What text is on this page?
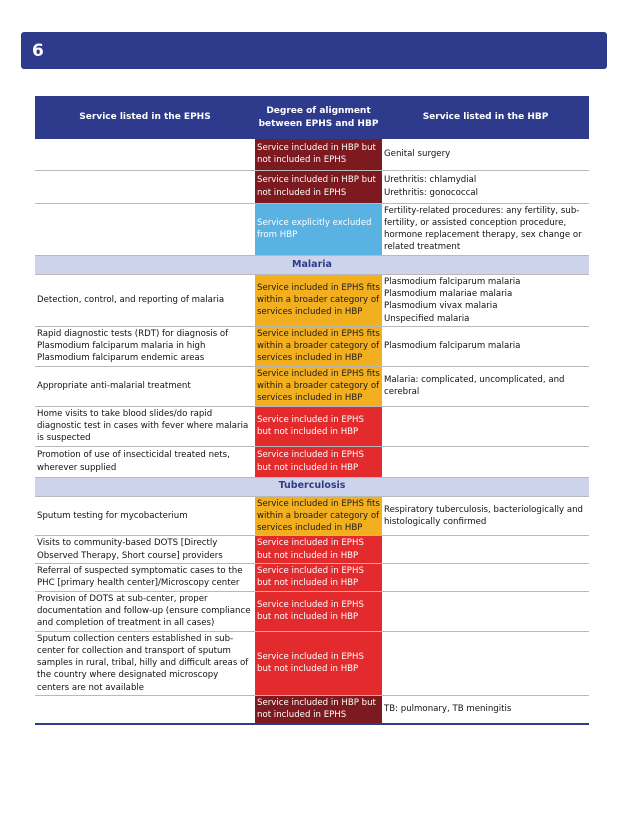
6
Service listed in the EPHS	Degree of alignment between EPHS and HBP	Service listed in the HBP
	Service included in HBP but not included in EPHS	Genital surgery
	Service included in HBP but not included in EPHS	Urethritis: chlamydial
Urethritis: gonococcal
	Service explicitly excluded from HBP	Fertility-related procedures: any fertility, sub-fertility, or assisted conception procedure, hormone replacement therapy, sex change or related treatment
Malaria		
Detection, control, and reporting of malaria	Service included in EPHS fits within a broader category of services included in HBP	Plasmodium falciparum malaria
Plasmodium malariae malaria
Plasmodium vivax malaria
Unspecified malaria
Rapid diagnostic tests (RDT) for diagnosis of Plasmodium falciparum malaria in high Plasmodium falciparum endemic areas	Service included in EPHS fits within a broader category of services included in HBP	Plasmodium falciparum malaria
Appropriate anti-malarial treatment	Service included in EPHS fits within a broader category of services included in HBP	Malaria: complicated, uncomplicated, and cerebral
Home visits to take blood slides/do rapid diagnostic test in cases with fever where malaria is suspected	Service included in EPHS but not included in HBP	
Promotion of use of insecticidal treated nets, wherever supplied	Service included in EPHS but not included in HBP	
Tuberculosis		
Sputum testing for mycobacterium	Service included in EPHS fits within a broader category of services included in HBP	Respiratory tuberculosis, bacteriologically and histologically confirmed
Visits to community-based DOTS [Directly Observed Therapy, Short course] providers	Service included in EPHS but not included in HBP	
Referral of suspected symptomatic cases to the PHC [primary health center]/Microscopy center	Service included in EPHS but not included in HBP	
Provision of DOTS at sub-center, proper documentation and follow-up (ensure compliance and completion of treatment in all cases)	Service included in EPHS but not included in HBP	
Sputum collection centers established in sub-center for collection and transport of sputum samples in rural, tribal, hilly and difficult areas of the country where designated microscopy centers are not available	Service included in EPHS but not included in HBP	
	Service included in HBP but not included in EPHS	TB: pulmonary, TB meningitis
